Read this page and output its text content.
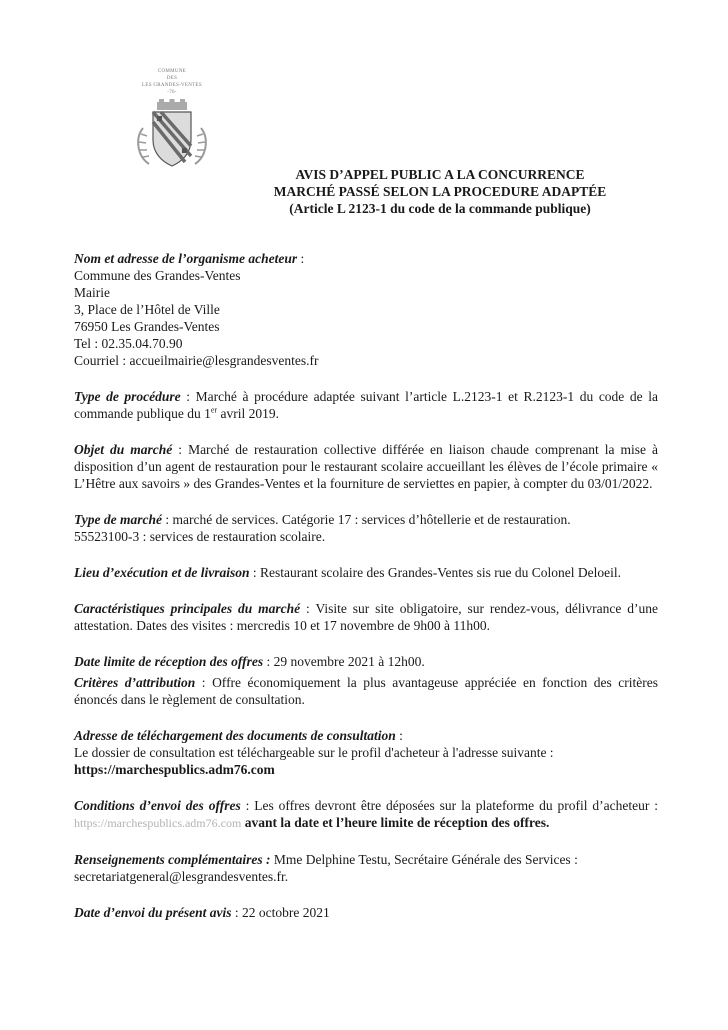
COMMUNE
DES
LES GRANDES-VENTES
-76-
AVIS D’APPEL PUBLIC A LA CONCURRENCE
MARCHÉ PASSÉ SELON LA PROCEDURE ADAPTÉE
(Article L 2123-1 du code de la commande publique)
Nom et adresse de l’organisme acheteur :
Commune des Grandes-Ventes
Mairie
3, Place de l’Hôtel de Ville
76950 Les Grandes-Ventes
Tel : 02.35.04.70.90
Courriel : accueilmairie@lesgrandesventes.fr
Type de procédure : Marché à procédure adaptée suivant l’article L.2123-1 et R.2123-1 du code de la commande publique du 1er avril 2019.
Objet du marché : Marché de restauration collective différée en liaison chaude comprenant la mise à disposition d’un agent de restauration pour le restaurant scolaire accueillant les élèves de l’école primaire « L’Hêtre aux savoirs » des Grandes-Ventes et la fourniture de serviettes en papier, à compter du 03/01/2022.
Type de marché : marché de services. Catégorie 17 : services d’hôtellerie et de restauration.
55523100-3 : services de restauration scolaire.
Lieu d’exécution et de livraison : Restaurant scolaire des Grandes-Ventes sis rue du Colonel Deloeil.
Caractéristiques principales du marché : Visite sur site obligatoire, sur rendez-vous, délivrance d’une attestation. Dates des visites : mercredis 10 et 17 novembre de 9h00 à 11h00.
Date limite de réception des offres : 29 novembre 2021 à 12h00.
Critères d’attribution : Offre économiquement la plus avantageuse appréciée en fonction des critères énoncés dans le règlement de consultation.
Adresse de téléchargement des documents de consultation :
Le dossier de consultation est téléchargeable sur le profil d'acheteur à l'adresse suivante :
https://marchespublics.adm76.com
Conditions d’envoi des offres : Les offres devront être déposées sur la plateforme du profil d’acheteur : https://marchespublics.adm76.com avant la date et l’heure limite de réception des offres.
Renseignements complémentaires : Mme Delphine Testu, Secrétaire Générale des Services :
secretariatgeneral@lesgrandesventes.fr.
Date d’envoi du présent avis : 22 octobre 2021
